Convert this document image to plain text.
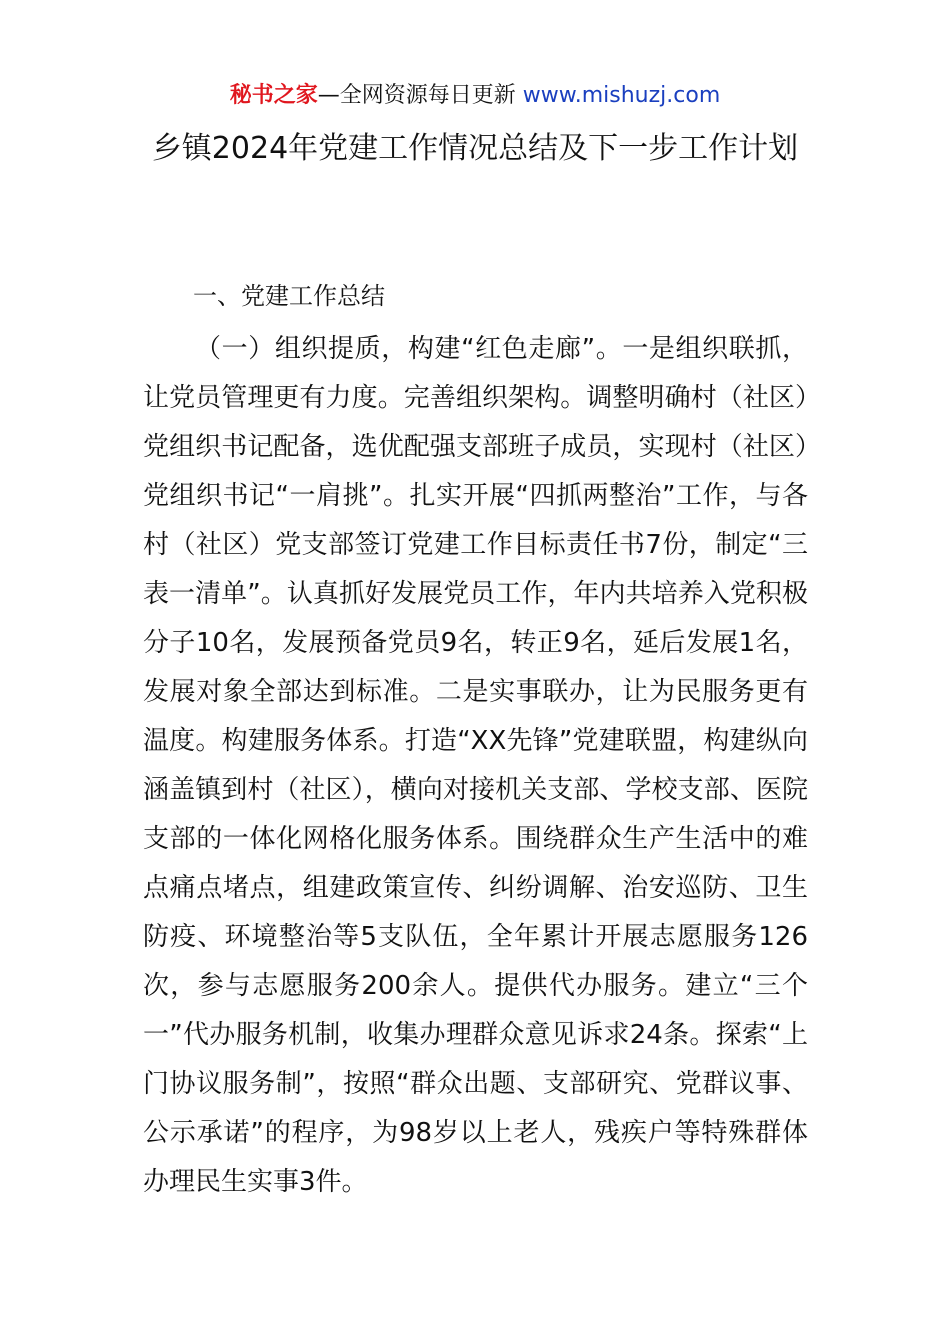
秘书之家—全网资源每日更新 www.mishuzj.com
乡镇2024年党建工作情况总结及下一步工作计划
一、党建工作总结

（一）组织提质，构建“红色走廊”。一是组织联抓，让党员管理更有力度。完善组织架构。调整明确村（社区）党组织书记配备，选优配强支部班子成员，实现村（社区）党组织书记“一肩挑”。扎实开展“四抓两整治”工作，与各村（社区）党支部签订党建工作目标责任书7份，制定“三表一清单”。认真抓好发展党员工作，年内共培养入党积极分子10名，发展预备党员9名，转正9名，延后发展1名，发展对象全部达到标准。二是实事联办，让为民服务更有温度。构建服务体系。打造“XX先锋”党建联盟，构建纵向涵盖镇到村（社区），横向对接机关支部、学校支部、医院支部的一体化网格化服务体系。围绕群众生产生活中的难点痛点堵点，组建政策宣传、纠纷调解、治安巡防、卫生防疫、环境整治等5支队伍，全年累计开展志愿服务126次，参与志愿服务200余人。提供代办服务。建立“三个一”代办服务机制，收集办理群众意见诉求24条。探索“上门协议服务制”，按照“群众出题、支部研究、党群议事、公示承诺”的程序，为98岁以上老人，残疾户等特殊群体办理民生实事3件。
